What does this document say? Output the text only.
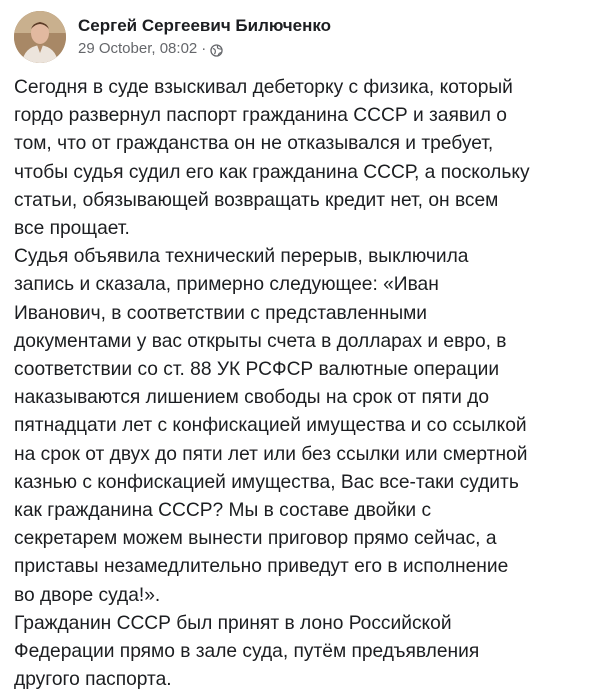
Сергей Сергеевич Билюченко
29 October, 08:02 ·

Сегодня в суде взыскивал дебеторку с физика, который
гордо развернул паспорт гражданина СССР и заявил о
том, что от гражданства он не отказывался и требует,
чтобы судья судил его как гражданина СССР, а поскольку
статьи, обязывающей возвращать кредит нет, он всем
все прощает.

Судья объявила технический перерыв, выключила
запись и сказала, примерно следующее: «Иван
Иванович, в соответствии с представленными
документами у вас открыты счета в долларах и евро, в
соответствии со ст. 88 УК РСФСР валютные операции
наказываются лишением свободы на срок от пяти до
пятнадцати лет с конфискацией имущества и со ссылкой
на срок от двух до пяти лет или без ссылки или смертной
казнью с конфискацией имущества, Вас все-таки судить
как гражданина СССР? Мы в составе двойки с
секретарем можем вынести приговор прямо сейчас, а
приставы незамедлительно приведут его в исполнение
во дворе суда!».

Гражданин СССР был принят в лоно Российской
Федерации прямо в зале суда, путём предъявления
другого паспорта.
